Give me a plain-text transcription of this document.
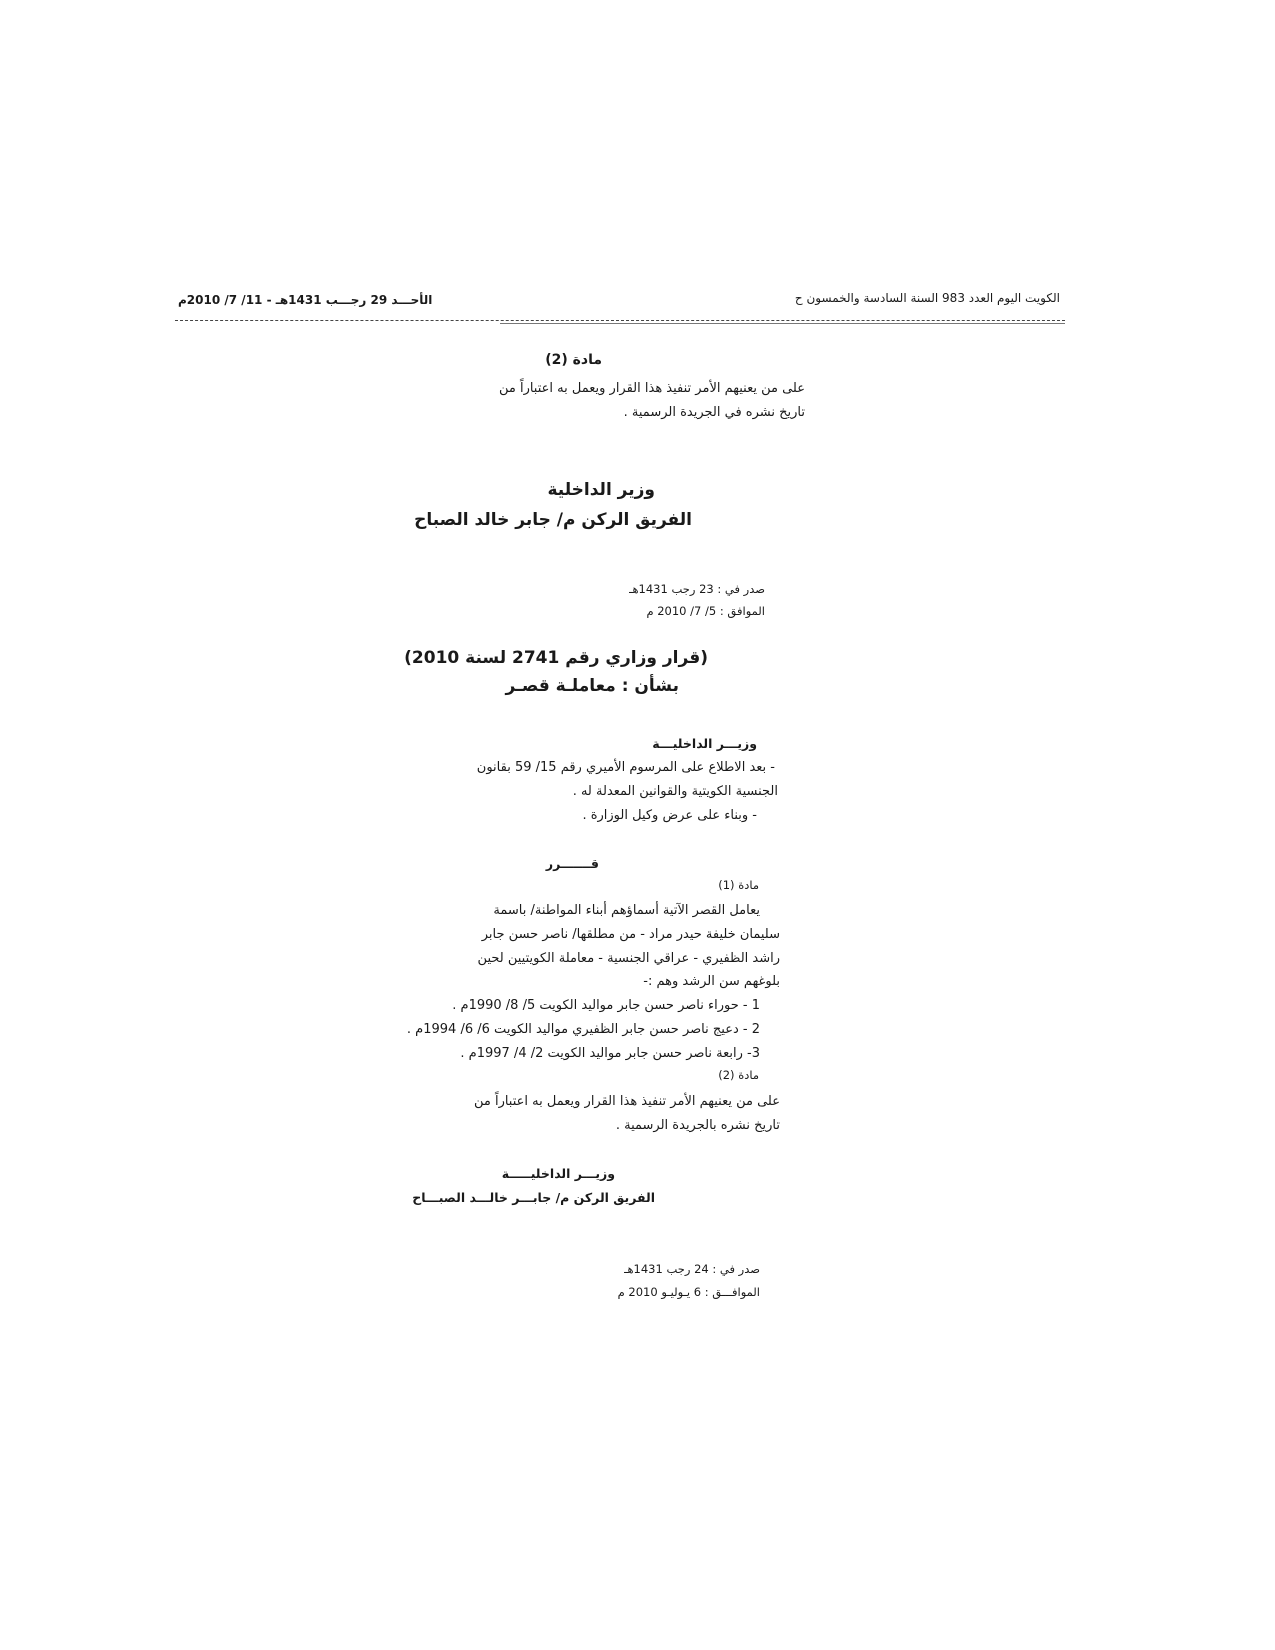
الأحـــد 29 رجـــب 1431هـ - 11/ 7/ 2010م	الكويت اليوم العدد 983 السنة السادسة والخمسون ح
مادة (2)
على من يعنيهم الأمر تنفيذ هذا القرار ويعمل به اعتباراً من
تاريخ نشره في الجريدة الرسمية .
وزير الداخلية
الفريق الركن م/ جابر خالد الصباح
صدر في : 23 رجب 1431هـ
الموافق : 5/ 7/ 2010 م
(قرار وزاري رقم 2741 لسنة 2010)
بشأن : معاملـة قصـر
وزيـــر الداخليـــة
- بعد الاطلاع على المرسوم الأميري رقم 15/ 59 بقانون
الجنسية الكويتية والقوانين المعدلة له .
- وبناء على عرض وكيل الوزارة .
قـــــــرر
مادة (1)
يعامل القصر الآتية أسماؤهم أبناء المواطنة/ باسمة
سليمان خليفة حيدر مراد - من مطلقها/ ناصر حسن جابر
راشد الظفيري - عراقي الجنسية - معاملة الكويتيين لحين
بلوغهم سن الرشد وهم :-
1 - حوراء ناصر حسن جابر مواليد الكويت 5/ 8/ 1990م .
2 - دعيج ناصر حسن جابر الظفيري مواليد الكويت 6/ 6/ 1994م .
3- رابعة ناصر حسن جابر مواليد الكويت 2/ 4/ 1997م .
مادة (2)
على من يعنيهم الأمر تنفيذ هذا القرار ويعمل به اعتباراً من
تاريخ نشره بالجريدة الرسمية .
وزيـــر الداخليـــــة
الفريق الركن م/ جابـــر خالـــد الصبـــاح
صدر في : 24 رجب 1431هـ
الموافـــق : 6 يـوليـو 2010 م
